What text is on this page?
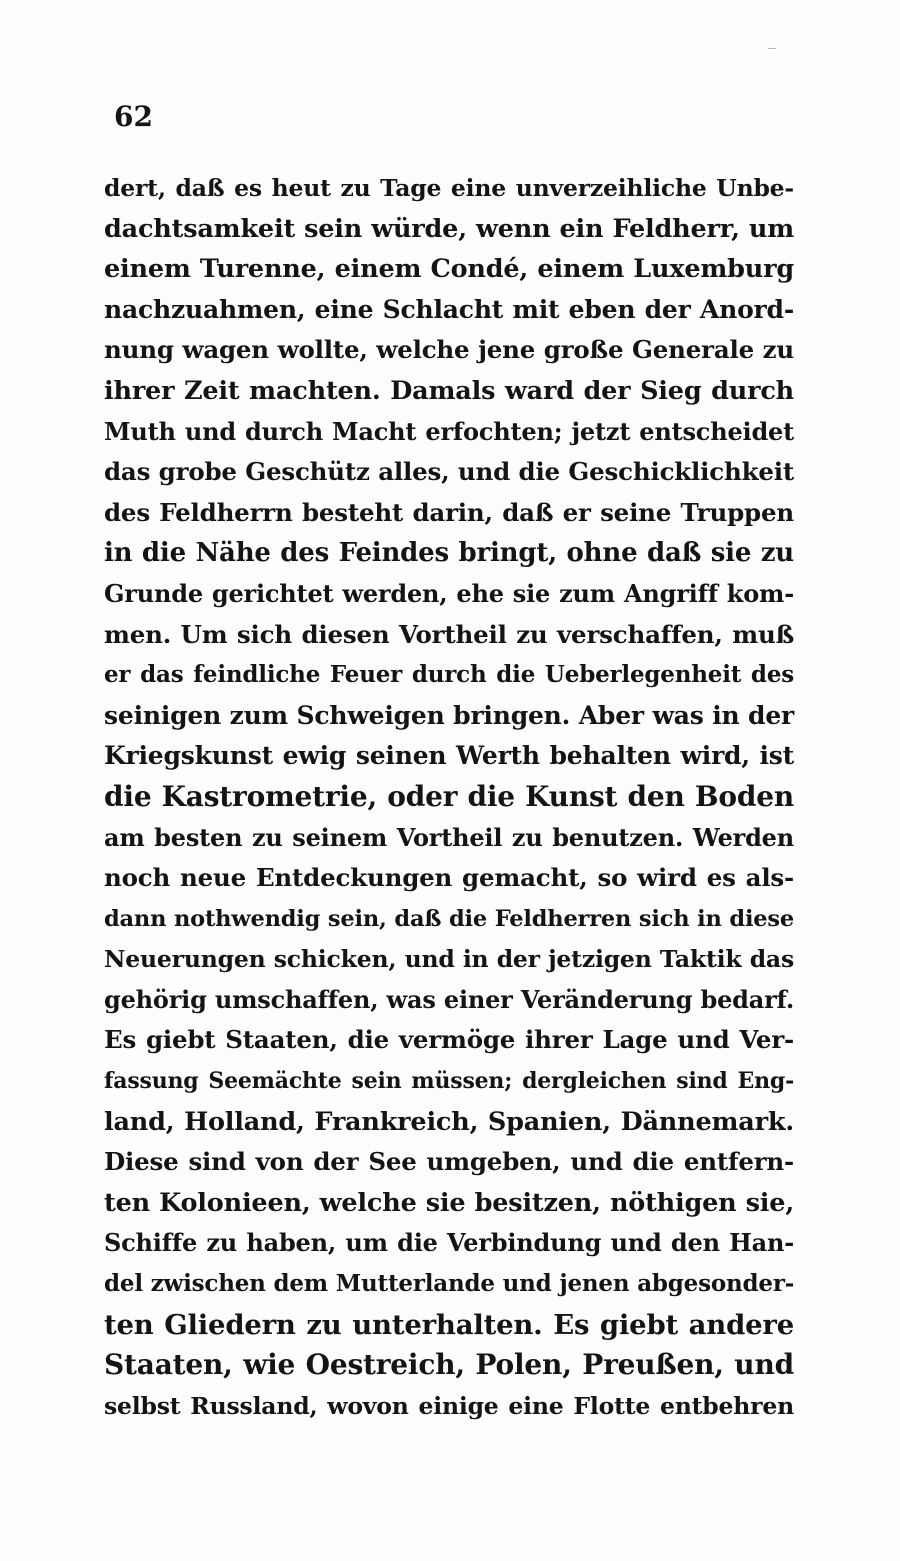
62
dert, daß es heut zu Tage eine unverzeihliche Unbe-
dachtsamkeit sein würde, wenn ein Feldherr, um
einem Turenne, einem Condé, einem Luxemburg
nachzuahmen, eine Schlacht mit eben der Anord-
nung wagen wollte, welche jene große Generale zu
ihrer Zeit machten. Damals ward der Sieg durch
Muth und durch Macht erfochten; jetzt entscheidet
das grobe Geschütz alles, und die Geschicklichkeit
des Feldherrn besteht darin, daß er seine Truppen
in die Nähe des Feindes bringt, ohne daß sie zu
Grunde gerichtet werden, ehe sie zum Angriff kom-
men. Um sich diesen Vortheil zu verschaffen, muß
er das feindliche Feuer durch die Ueberlegenheit des
seinigen zum Schweigen bringen. Aber was in der
Kriegskunst ewig seinen Werth behalten wird, ist
die Kastrometrie, oder die Kunst den Boden
am besten zu seinem Vortheil zu benutzen. Werden
noch neue Entdeckungen gemacht, so wird es als-
dann nothwendig sein, daß die Feldherren sich in diese
Neuerungen schicken, und in der jetzigen Taktik das
gehörig umschaffen, was einer Veränderung bedarf.
Es giebt Staaten, die vermöge ihrer Lage und Ver-
fassung Seemächte sein müssen; dergleichen sind Eng-
land, Holland, Frankreich, Spanien, Dännemark.
Diese sind von der See umgeben, und die entfern-
ten Kolonieen, welche sie besitzen, nöthigen sie,
Schiffe zu haben, um die Verbindung und den Han-
del zwischen dem Mutterlande und jenen abgesonder-
ten Gliedern zu unterhalten. Es giebt andere
Staaten, wie Oestreich, Polen, Preußen, und
selbst Russland, wovon einige eine Flotte entbehren
